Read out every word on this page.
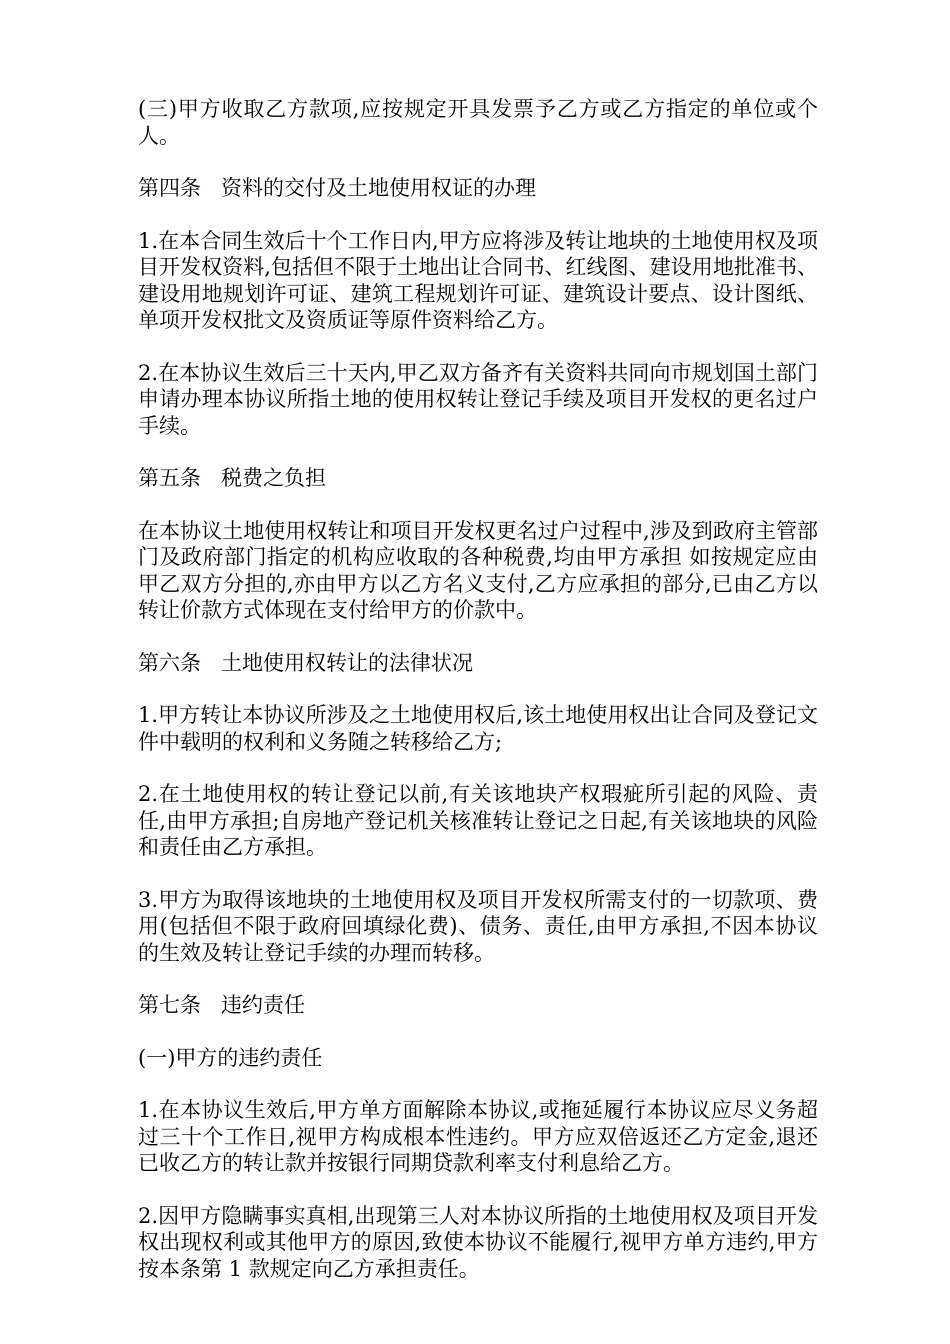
(三)甲方收取乙方款项,应按规定开具发票予乙方或乙方指定的单位或个人。

第四条   资料的交付及土地使用权证的办理

1.在本合同生效后十个工作日内,甲方应将涉及转让地块的土地使用权及项目开发权资料,包括但不限于土地出让合同书、红线图、建设用地批准书、建设用地规划许可证、建筑工程规划许可证、建筑设计要点、设计图纸、单项开发权批文及资质证等原件资料给乙方。

2.在本协议生效后三十天内,甲乙双方备齐有关资料共同向市规划国土部门申请办理本协议所指土地的使用权转让登记手续及项目开发权的更名过户手续。

第五条   税费之负担

在本协议土地使用权转让和项目开发权更名过户过程中,涉及到政府主管部门及政府部门指定的机构应收取的各种税费,均由甲方承担 如按规定应由甲乙双方分担的,亦由甲方以乙方名义支付,乙方应承担的部分,已由乙方以转让价款方式体现在支付给甲方的价款中。

第六条   土地使用权转让的法律状况

1.甲方转让本协议所涉及之土地使用权后,该土地使用权出让合同及登记文件中载明的权利和义务随之转移给乙方;

2.在土地使用权的转让登记以前,有关该地块产权瑕疵所引起的风险、责任,由甲方承担;自房地产登记机关核准转让登记之日起,有关该地块的风险和责任由乙方承担。

3.甲方为取得该地块的土地使用权及项目开发权所需支付的一切款项、费用(包括但不限于政府回填绿化费)、债务、责任,由甲方承担,不因本协议的生效及转让登记手续的办理而转移。

第七条   违约责任

(一)甲方的违约责任

1.在本协议生效后,甲方单方面解除本协议,或拖延履行本协议应尽义务超过三十个工作日,视甲方构成根本性违约。甲方应双倍返还乙方定金,退还已收乙方的转让款并按银行同期贷款利率支付利息给乙方。

2.因甲方隐瞒事实真相,出现第三人对本协议所指的土地使用权及项目开发权出现权利或其他甲方的原因,致使本协议不能履行,视甲方单方违约,甲方按本条第 1 款规定向乙方承担责任。
